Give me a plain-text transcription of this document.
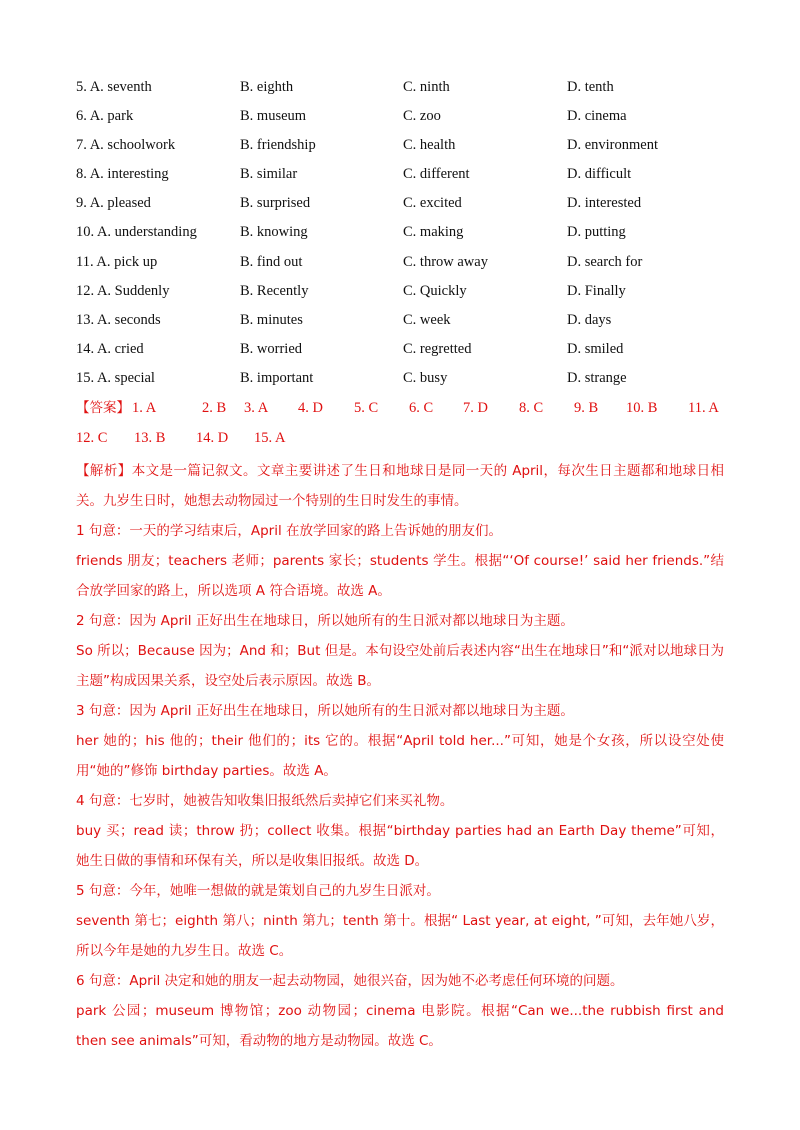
5. A. seventh	B. eighth	C. ninth	D. tenth
6. A. park	B. museum	C. zoo	D. cinema
7. A. schoolwork	B. friendship	C. health	D. environment
8. A. interesting	B. similar	C. different	D. difficult
9. A. pleased	B. surprised	C. excited	D. interested
10. A. understanding	B. knowing	C. making	D. putting
11. A. pick up	B. find out	C. throw away	D. search for
12. A. Suddenly	B. Recently	C. Quickly	D. Finally
13. A. seconds	B. minutes	C. week	D. days
14. A. cried	B. worried	C. regretted	D. smiled
15. A. special	B. important	C. busy	D. strange
【答案】 1. A	2. B 3. A 4. D 5. C 6. C 7. D 8. C 9. B 10. B 11. A
12. C 13. B 14. D 15. A

【解析】本文是一篇记叙文。文章主要讲述了生日和地球日是同一天的 April，每次生日主题都和地球日相关。九岁生日时，她想去动物园过一个特别的生日时发生的事情。

1 句意：一天的学习结束后，April 在放学回家的路上告诉她的朋友们。

friends 朋友；teachers 老师；parents 家长；students 学生。根据“‘Of course!’ said her friends.”结合放学回家的路上，所以选项 A 符合语境。故选 A。

2 句意：因为 April 正好出生在地球日，所以她所有的生日派对都以地球日为主题。

So 所以；Because 因为；And 和；But 但是。本句设空处前后表述内容“出生在地球日”和“派对以地球日为主题”构成因果关系，设空处后表示原因。故选 B。

3 句意：因为 April 正好出生在地球日，所以她所有的生日派对都以地球日为主题。

her 她的；his 他的；their 他们的；its 它的。根据“April told her...”可知，她是个女孩，所以设空处使用“她的”修饰 birthday parties。故选 A。

4 句意：七岁时，她被告知收集旧报纸然后卖掉它们来买礼物。

buy 买；read 读；throw 扔；collect 收集。根据“birthday parties had an Earth Day theme”可知，她生日做的事情和环保有关，所以是收集旧报纸。故选 D。

5 句意：今年，她唯一想做的就是策划自己的九岁生日派对。

seventh 第七；eighth 第八；ninth 第九；tenth 第十。根据“ Last year, at eight, ”可知，去年她八岁，所以今年是她的九岁生日。故选 C。

6 句意：April 决定和她的朋友一起去动物园，她很兴奋，因为她不必考虑任何环境的问题。

park 公园；museum 博物馆；zoo 动物园；cinema 电影院。根据“Can we...the rubbish first and then see animals”可知，看动物的地方是动物园。故选 C。
